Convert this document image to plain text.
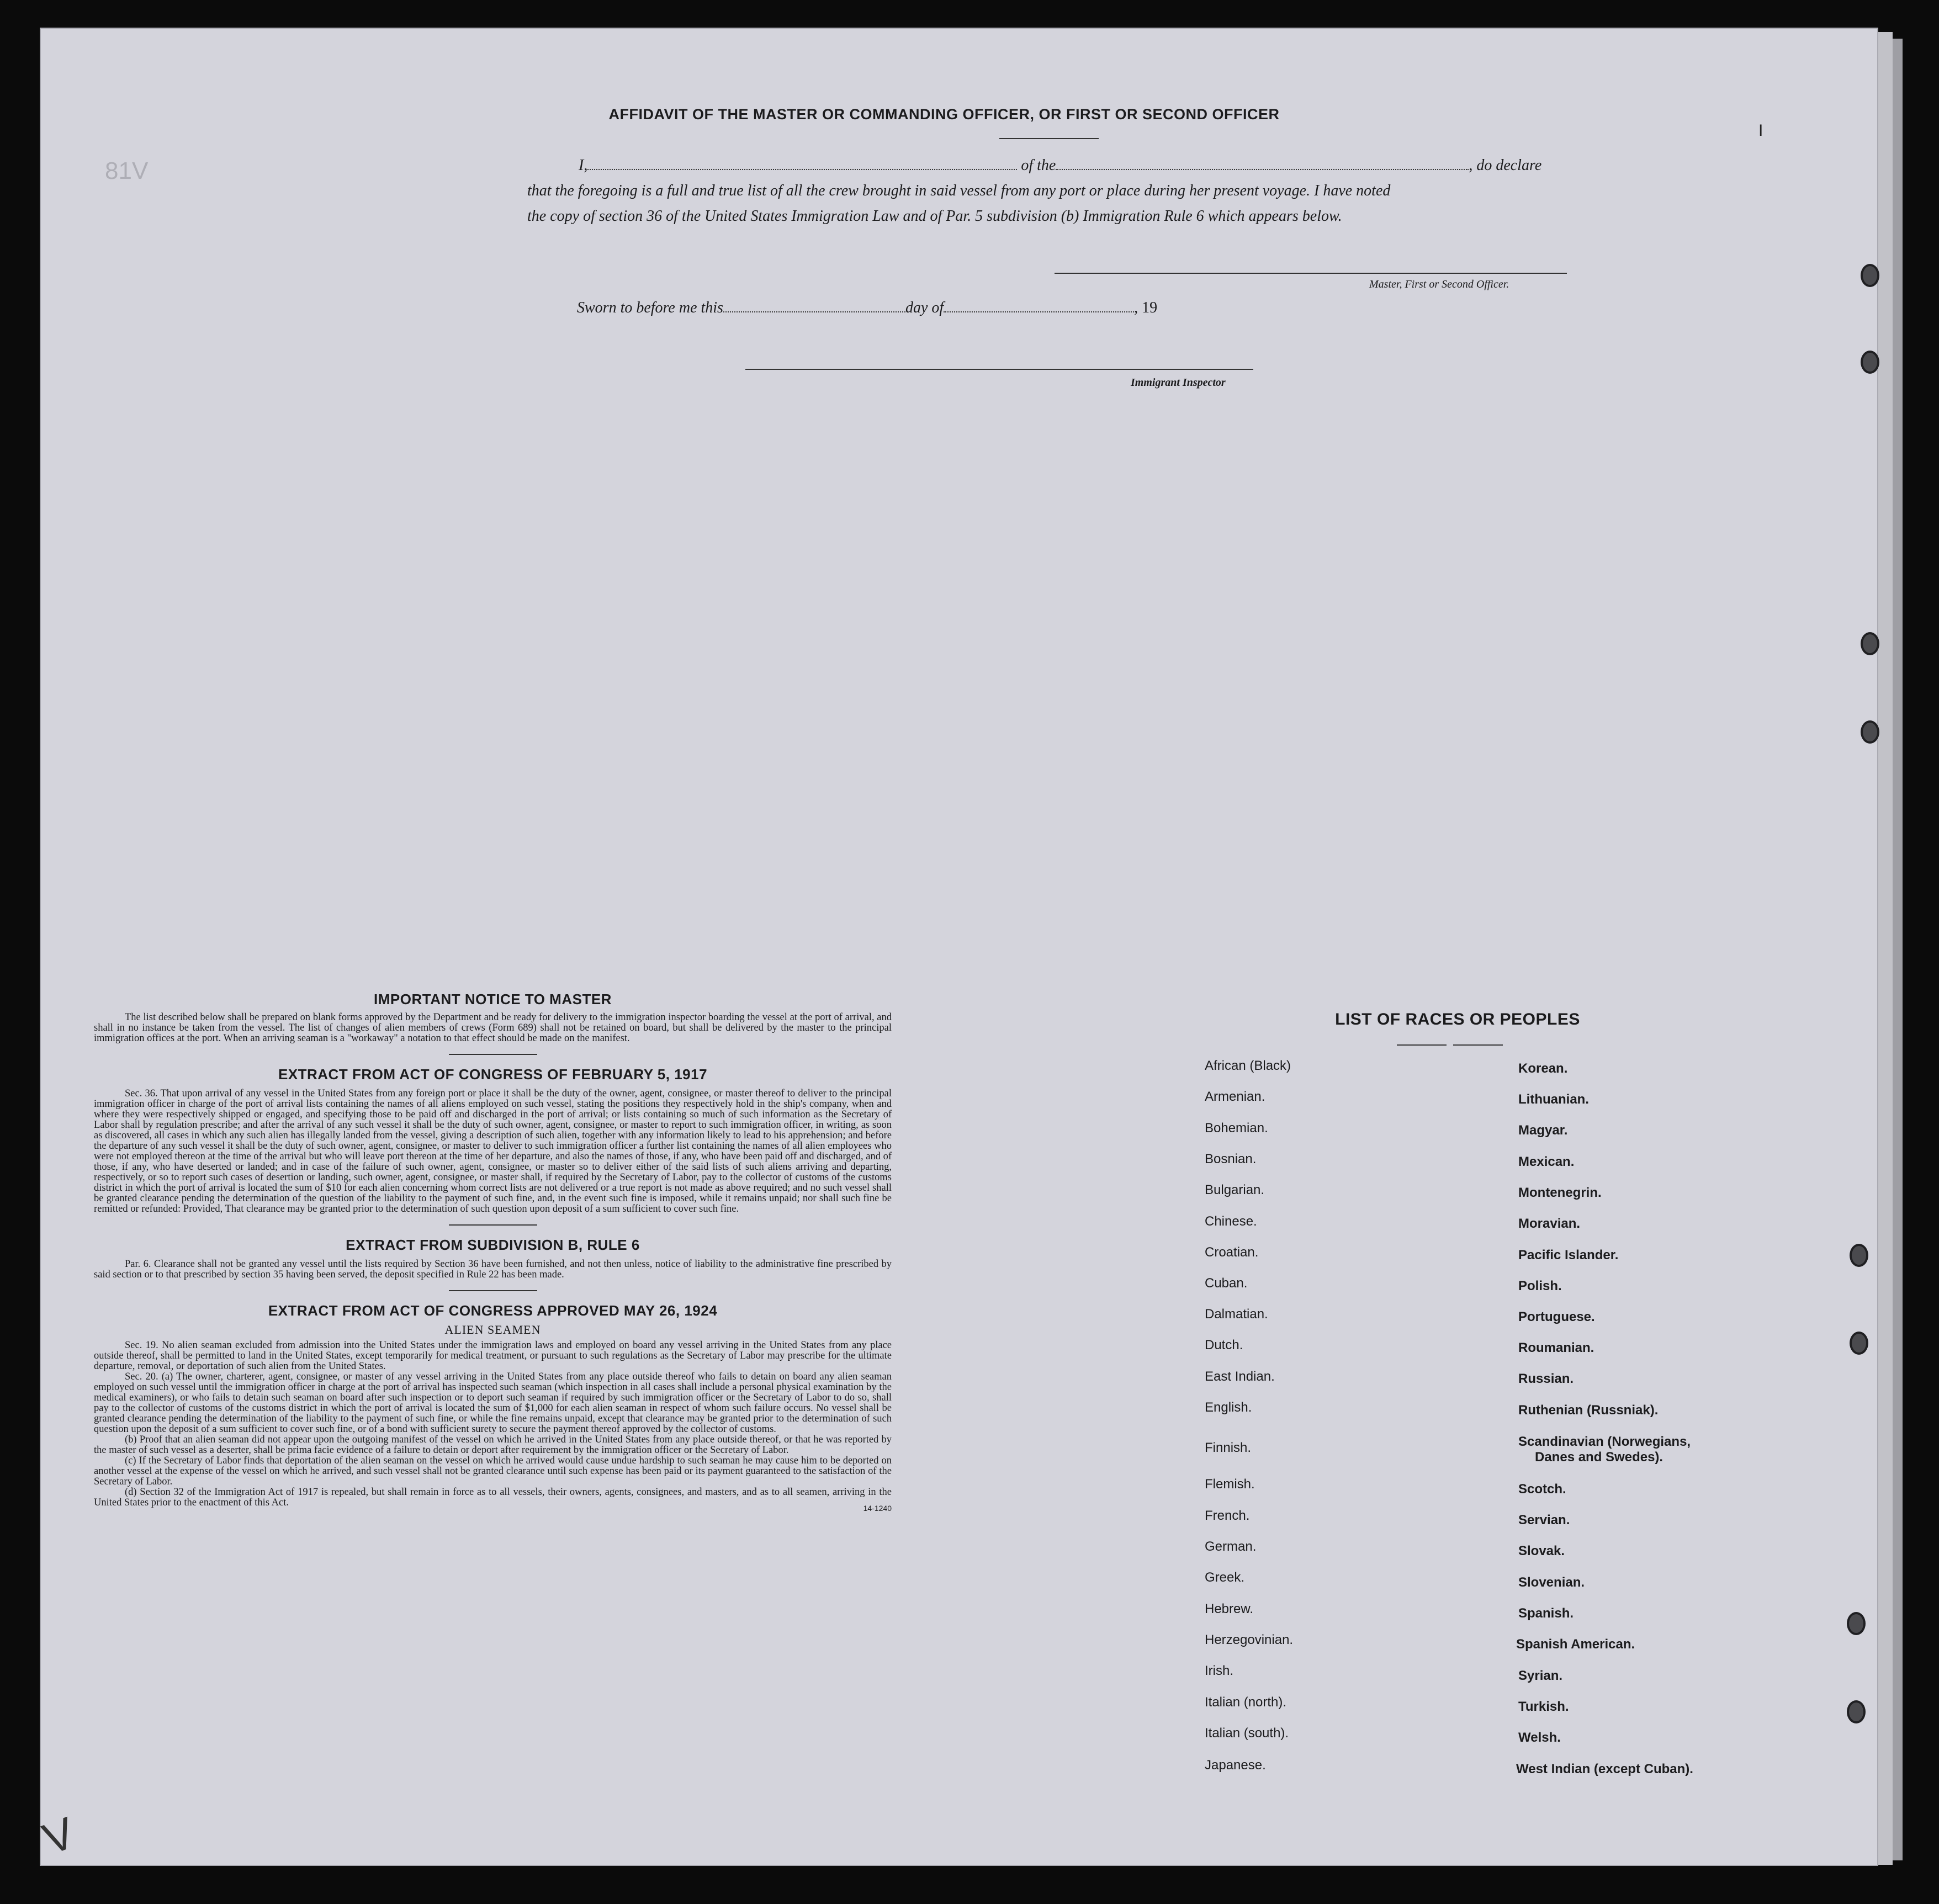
81V
I
V
AFFIDAVIT OF THE MASTER OR COMMANDING OFFICER, OR FIRST OR SECOND OFFICER
I,	of the	, do declare
that the foregoing is a full and true list of all the crew brought in said vessel from any port or place during her present voyage. I have noted
the copy of section 36 of the United States Immigration Law and of Par. 5 subdivision (b) Immigration Rule 6 which appears below.
Master, First or Second Officer.
Sworn to before me this	day of	, 19
Immigrant Inspector
IMPORTANT NOTICE TO MASTER

The list described below shall be prepared on blank forms approved by the Department and be ready for delivery to the immigration inspector boarding the vessel at the port of arrival, and shall in no instance be taken from the vessel. The list of changes of alien members of crews (Form 689) shall not be retained on board, but shall be delivered by the master to the principal immigration offices at the port. When an arriving seaman is a "workaway" a notation to that effect should be made on the manifest.

EXTRACT FROM ACT OF CONGRESS OF FEBRUARY 5, 1917

Sec. 36. That upon arrival of any vessel in the United States from any foreign port or place it shall be the duty of the owner, agent, consignee, or master thereof to deliver to the principal immigration officer in charge of the port of arrival lists containing the names of all aliens employed on such vessel, stating the positions they respectively hold in the ship's company, when and where they were respectively shipped or engaged, and specifying those to be paid off and discharged in the port of arrival; or lists containing so much of such information as the Secretary of Labor shall by regulation prescribe; and after the arrival of any such vessel it shall be the duty of such owner, agent, consignee, or master to report to such immigration officer, in writing, as soon as discovered, all cases in which any such alien has illegally landed from the vessel, giving a description of such alien, together with any information likely to lead to his apprehension; and before the departure of any such vessel it shall be the duty of such owner, agent, consignee, or master to deliver to such immigration officer a further list containing the names of all alien employees who were not employed thereon at the time of the arrival but who will leave port thereon at the time of her departure, and also the names of those, if any, who have been paid off and discharged, and of those, if any, who have deserted or landed; and in case of the failure of such owner, agent, consignee, or master so to deliver either of the said lists of such aliens arriving and departing, respectively, or so to report such cases of desertion or landing, such owner, agent, consignee, or master shall, if required by the Secretary of Labor, pay to the collector of customs of the customs district in which the port of arrival is located the sum of $10 for each alien concerning whom correct lists are not delivered or a true report is not made as above required; and no such vessel shall be granted clearance pending the determination of the question of the liability to the payment of such fine, and, in the event such fine is imposed, while it remains unpaid; nor shall such fine be remitted or refunded: Provided, That clearance may be granted prior to the determination of such question upon deposit of a sum sufficient to cover such fine.

EXTRACT FROM SUBDIVISION B, RULE 6

Par. 6. Clearance shall not be granted any vessel until the lists required by Section 36 have been furnished, and not then unless, notice of liability to the administrative fine prescribed by said section or to that prescribed by section 35 having been served, the deposit specified in Rule 22 has been made.

EXTRACT FROM ACT OF CONGRESS APPROVED MAY 26, 1924
ALIEN SEAMEN

Sec. 19. No alien seaman excluded from admission into the United States under the immigration laws and employed on board any vessel arriving in the United States from any place outside thereof, shall be permitted to land in the United States, except temporarily for medical treatment, or pursuant to such regulations as the Secretary of Labor may prescribe for the ultimate departure, removal, or deportation of such alien from the United States.

Sec. 20. (a) The owner, charterer, agent, consignee, or master of any vessel arriving in the United States from any place outside thereof who fails to detain on board any alien seaman employed on such vessel until the immigration officer in charge at the port of arrival has inspected such seaman (which inspection in all cases shall include a personal physical examination by the medical examiners), or who fails to detain such seaman on board after such inspection or to deport such seaman if required by such immigration officer or the Secretary of Labor to do so, shall pay to the collector of customs of the customs district in which the port of arrival is located the sum of $1,000 for each alien seaman in respect of whom such failure occurs. No vessel shall be granted clearance pending the determination of the liability to the payment of such fine, or while the fine remains unpaid, except that clearance may be granted prior to the determination of such question upon the deposit of a sum sufficient to cover such fine, or of a bond with sufficient surety to secure the payment thereof approved by the collector of customs.

(b) Proof that an alien seaman did not appear upon the outgoing manifest of the vessel on which he arrived in the United States from any place outside thereof, or that he was reported by the master of such vessel as a deserter, shall be prima facie evidence of a failure to detain or deport after requirement by the immigration officer or the Secretary of Labor.

(c) If the Secretary of Labor finds that deportation of the alien seaman on the vessel on which he arrived would cause undue hardship to such seaman he may cause him to be deported on another vessel at the expense of the vessel on which he arrived, and such vessel shall not be granted clearance until such expense has been paid or its payment guaranteed to the satisfaction of the Secretary of Labor.

(d) Section 32 of the Immigration Act of 1917 is repealed, but shall remain in force as to all vessels, their owners, agents, consignees, and masters, and as to all seamen, arriving in the United States prior to the enactment of this Act.	14-1240
LIST OF RACES OR PEOPLES
African (Black)
Armenian.
Bohemian.
Bosnian.
Bulgarian.
Chinese.
Croatian.
Cuban.
Dalmatian.
Dutch.
East Indian.
English.
Finnish.
Flemish.
French.
German.
Greek.
Hebrew.
Herzegovinian.
Irish.
Italian (north).
Italian (south).
Japanese.
Korean.
Lithuanian.
Magyar.
Mexican.
Montenegrin.
Moravian.
Pacific Islander.
Polish.
Portuguese.
Roumanian.
Russian.
Ruthenian (Russniak).
Scandinavian (Norwegians,
Danes and Swedes).
Scotch.
Servian.
Slovak.
Slovenian.
Spanish.
Spanish American.
Syrian.
Turkish.
Welsh.
West Indian (except Cuban).
